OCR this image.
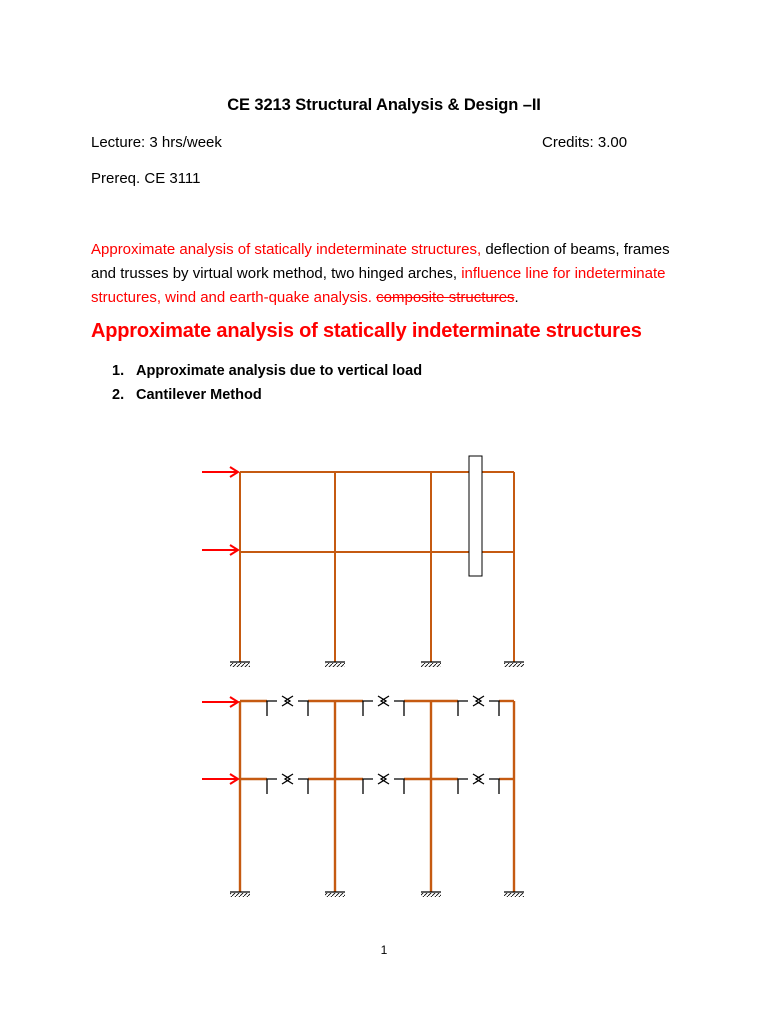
CE 3213 Structural Analysis & Design –II
Lecture: 3 hrs/week	Credits: 3.00
Prereq. CE 3111
Approximate analysis of statically indeterminate structures, deflection of beams, frames and trusses by virtual work method, two hinged arches, influence line for indeterminate structures, wind and earth-quake analysis. composite structures.
Approximate analysis of statically indeterminate structures
1. Approximate analysis due to vertical load
2. Cantilever Method
1
